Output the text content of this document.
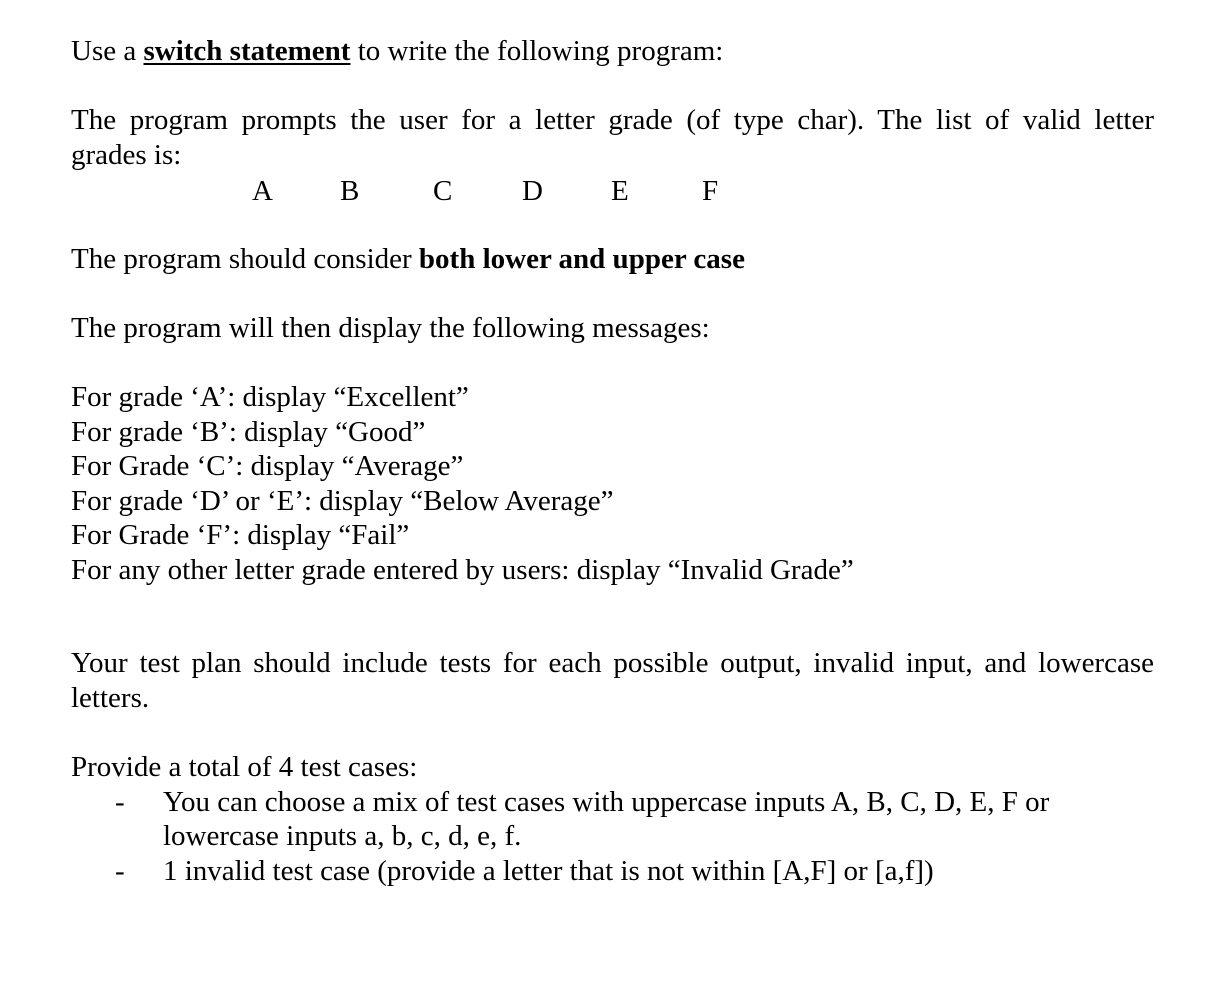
Use a switch statement to write the following program:
The program prompts the user for a letter grade (of type char). The list of valid letter
grades is:
A B	C D E	F
The program should consider both lower and upper case
The program will then display the following messages:
For grade ‘A’: display “Excellent”
For grade ‘B’: display “Good”
For Grade ‘C’: display “Average”
For grade ‘D’ or ‘E’: display “Below Average”
For Grade ‘F’: display “Fail”
For any other letter grade entered by users: display “Invalid Grade”
Your test plan should include tests for each possible output, invalid input, and lowercase
letters.
Provide a total of 4 test cases:
- You can choose a mix of test cases with uppercase inputs A, B, C, D, E, F or
lowercase inputs a, b, c, d, e, f.
- 1 invalid test case (provide a letter that is not within [A,F] or [a,f])
